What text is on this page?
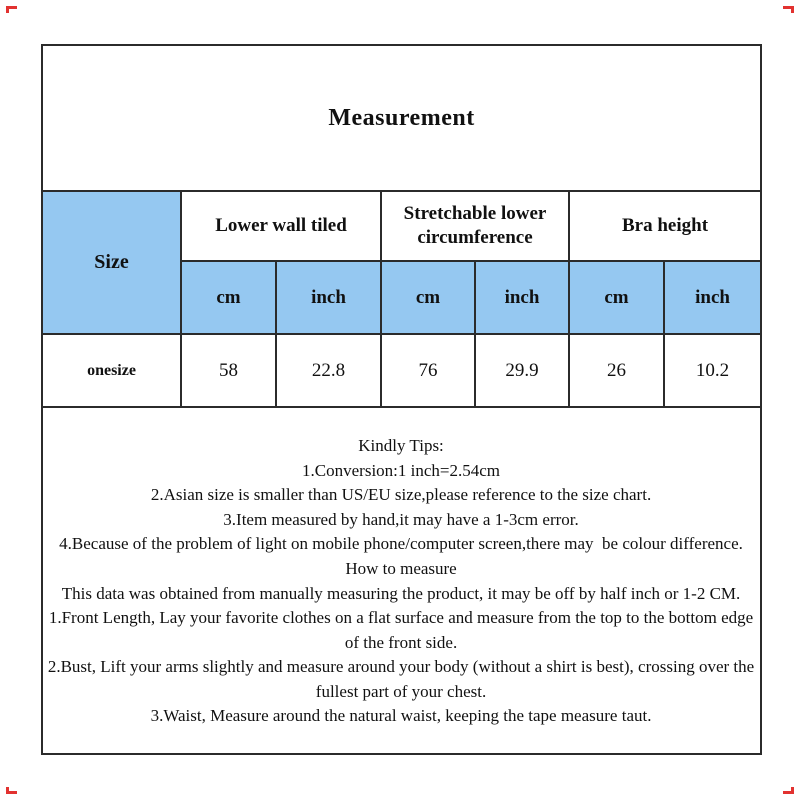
Measurement						
Size	Lower wall tiled		Stretchable lower circumference		Bra height	
	cm	inch	cm	inch	cm	inch
onesize	58	22.8	76	29.9	26	10.2

Kindly Tips:
1.Conversion:1 inch=2.54cm
2.Asian size is smaller than US/EU size,please reference to the size chart.
3.Item measured by hand,it may have a 1-3cm error.
4.Because of the problem of light on mobile phone/computer screen,there may  be colour difference.
How to measure
This data was obtained from manually measuring the product, it may be off by half inch or 1-2 CM.
1.Front Length, Lay your favorite clothes on a flat surface and measure from the top to the bottom edge of the front side.
2.Bust, Lift your arms slightly and measure around your body (without a shirt is best), crossing over the fullest part of your chest.
3.Waist, Measure around the natural waist, keeping the tape measure taut.
